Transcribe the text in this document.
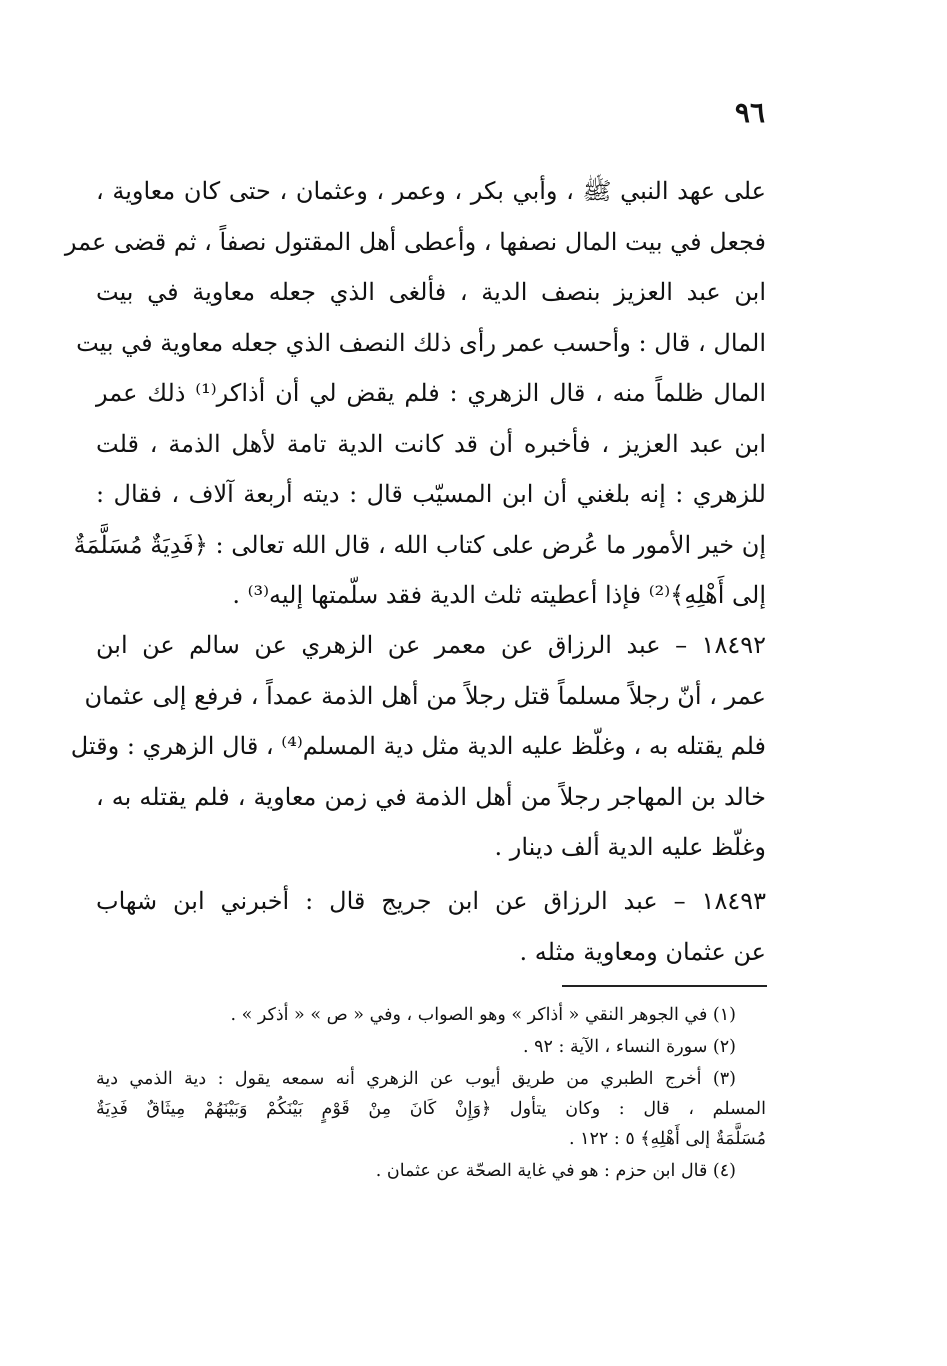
٩٦
على عهد النبي ﷺ ، وأبي بكر ، وعمر ، وعثمان ، حتى كان معاوية ،
فجعل في بيت المال نصفها ، وأعطى أهل المقتول نصفاً ، ثم قضى عمر
ابن عبد العزيز بنصف الدية ، فألغى الذي جعله معاوية في بيت
المال ، قال : وأحسب عمر رأى ذلك النصف الذي جعله معاوية في بيت
المال ظلماً منه ، قال الزهري : فلم يقض لي أن أذاكر⁽¹⁾ ذلك عمر
ابن عبد العزيز ، فأخبره أن قد كانت الدية تامة لأهل الذمة ، قلت
للزهري : إنه بلغني أن ابن المسيّب قال : ديته أربعة آلاف ، فقال :
إن خير الأمور ما عُرض على كتاب الله ، قال الله تعالى : ﴿فَدِيَةٌ مُسَلَّمَةٌ
إلى أَهْلِهِ﴾⁽²⁾ فإذا أعطيته ثلث الدية فقد سلّمتها إليه⁽³⁾ .
١٨٤٩٢ – عبد الرزاق عن معمر عن الزهري عن سالم عن ابن
عمر ، أنّ رجلاً مسلماً قتل رجلاً من أهل الذمة عمداً ، فرفع إلى عثمان
فلم يقتله به ، وغلّظ عليه الدية مثل دية المسلم⁽⁴⁾ ، قال الزهري : وقتل
خالد بن المهاجر رجلاً من أهل الذمة في زمن معاوية ، فلم يقتله به ،
وغلّظ عليه الدية ألف دينار .
١٨٤٩٣ – عبد الرزاق عن ابن جريج قال : أخبرني ابن شهاب
عن عثمان ومعاوية مثله .
(١) في الجوهر النقي « أذاكر » وهو الصواب ، وفي « ص » « أذكر » .
(٢) سورة النساء ، الآية : ٩٢ .
(٣) أخرج الطبري من طريق أيوب عن الزهري أنه سمعه يقول : دية الذمي دية
المسلم ، قال : وكان يتأول ﴿وَإِنْ كَانَ مِنْ قَوْمٍ بَيْنَكُمْ وَبَيْنَهُمْ مِيثَاقٌ فَدِيَةٌ
مُسَلَّمَةٌ إلى أَهْلِهِ﴾ ٥ : ١٢٢ .
(٤) قال ابن حزم : هو في غاية الصحّة عن عثمان .
